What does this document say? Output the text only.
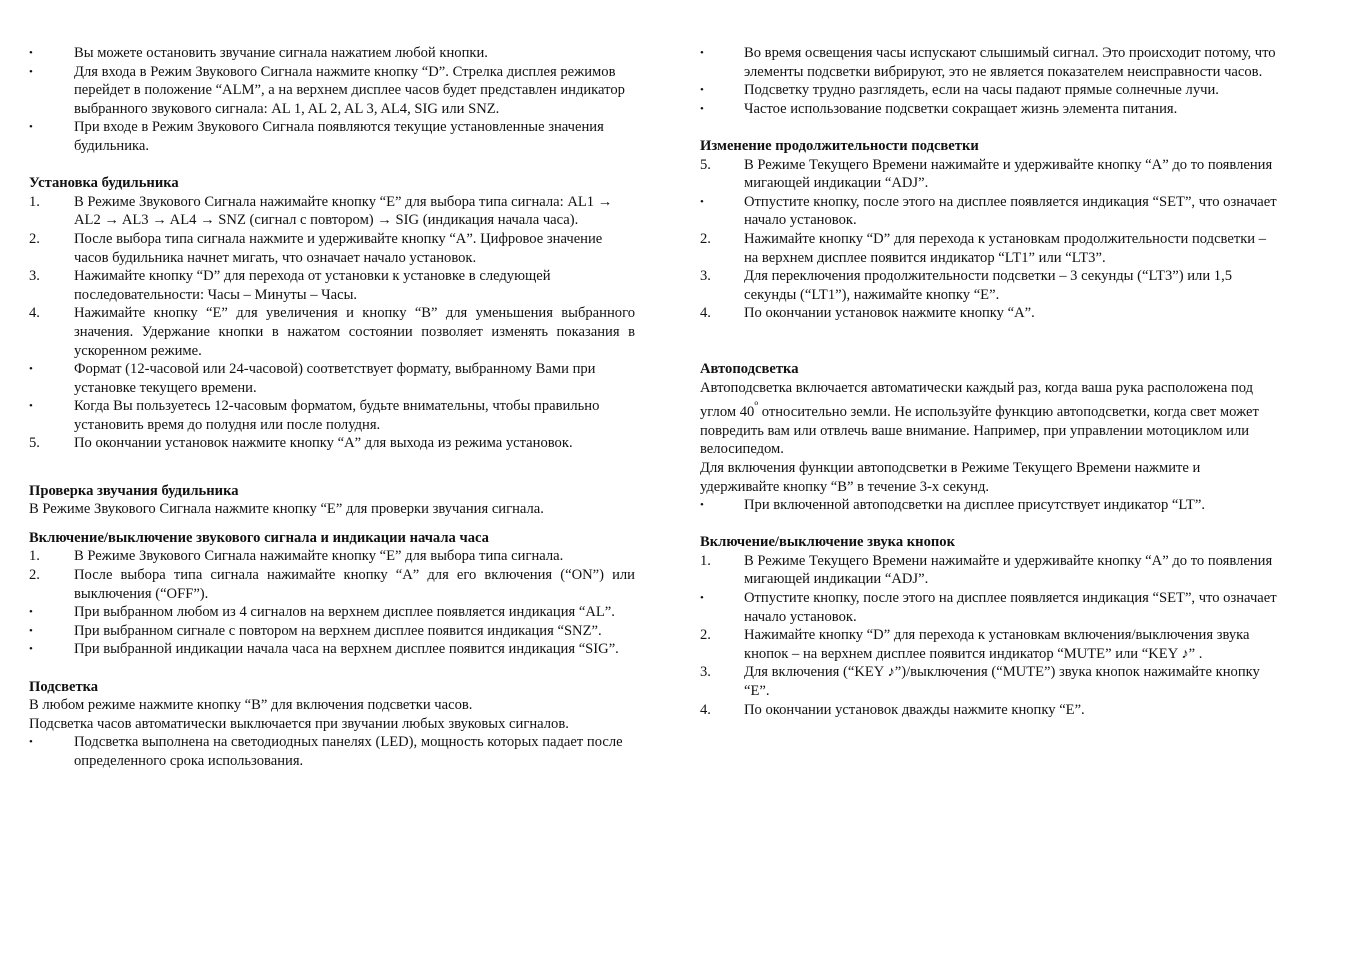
•	Вы можете остановить звучание сигнала нажатием любой кнопки.
•	Для входа в Режим Звукового Сигнала нажмите кнопку “D”. Стрелка дисплея режимов перейдет в положение “ALM”, а на верхнем дисплее часов будет представлен индикатор выбранного звукового сигнала: AL 1, AL 2, AL 3, AL4, SIG или SNZ.
•	При входе в Режим Звукового Сигнала появляются текущие установленные значения будильника.
Установка будильника
1.	В Режиме Звукового Сигнала нажимайте кнопку “E” для выбора типа сигнала: AL1 → AL2 → AL3 → AL4 → SNZ (сигнал с повтором) → SIG (индикация начала часа).
2.	После выбора типа сигнала нажмите и удерживайте кнопку “A”. Цифровое значение часов будильника начнет мигать, что означает начало установок.
3.	Нажимайте кнопку “D” для перехода от установки к установке в следующей последовательности: Часы – Минуты – Часы.
4.	Нажимайте кнопку “E” для увеличения и кнопку “B” для уменьшения выбранного значения. Удержание кнопки в нажатом состоянии позволяет изменять показания в ускоренном режиме.
•	Формат (12-часовой или 24-часовой) соответствует формату, выбранному Вами при установке текущего времени.
•	Когда Вы пользуетесь 12-часовым форматом, будьте внимательны, чтобы правильно установить время до полудня или после полудня.
5.	По окончании установок нажмите кнопку “A” для выхода из режима установок.
Проверка звучания будильника
В Режиме Звукового Сигнала нажмите кнопку “E” для проверки звучания сигнала.
Включение/выключение звукового сигнала и индикации начала часа
1.	В Режиме Звукового Сигнала нажимайте кнопку “E” для выбора типа сигнала.
2.	После выбора типа сигнала нажимайте кнопку “A” для его включения (“ON”) или выключения (“OFF”).
•	При выбранном любом из 4 сигналов на верхнем дисплее появляется индикация “AL”.
•	При выбранном сигнале с повтором на верхнем дисплее появится индикация “SNZ”.
•	При выбранной индикации начала часа на верхнем дисплее появится индикация “SIG”.
Подсветка
В любом режиме нажмите кнопку “B” для включения подсветки часов.
Подсветка часов автоматически выключается при звучании любых звуковых сигналов.
•	Подсветка выполнена на светодиодных панелях (LED), мощность которых падает после определенного срока использования.
•	Во время освещения часы испускают слышимый сигнал. Это происходит потому, что элементы подсветки вибрируют, это не является показателем неисправности часов.
•	Подсветку трудно разглядеть, если на часы падают прямые солнечные лучи.
•	Частое использование подсветки сокращает жизнь элемента питания.
Изменение продолжительности подсветки
5.	В Режиме Текущего Времени нажимайте и удерживайте кнопку “A” до то появления мигающей индикации “ADJ”.
•	Отпустите кнопку, после этого на дисплее появляется индикация “SET”, что означает начало установок.
2.	Нажимайте кнопку “D” для перехода к установкам продолжительности подсветки – на верхнем дисплее появится индикатор “LT1” или “LT3”.
3.	Для переключения продолжительности подсветки – 3 секунды (“LT3”) или 1,5 секунды (“LT1”), нажимайте кнопку “E”.
4.	По окончании установок нажмите кнопку “A”.
Автоподсветка
Автоподсветка включается автоматически каждый раз, когда ваша рука расположена под углом $40^º$ относительно земли. Не используйте функцию автоподсветки, когда свет может повредить вам или отвлечь ваше внимание. Например, при управлении мотоциклом или велосипедом.
Для включения функции автоподсветки в Режиме Текущего Времени нажмите и удерживайте кнопку “B” в течение 3-х секунд.
•	При включенной автоподсветки на дисплее присутствует индикатор “LT”.
Включение/выключение звука кнопок
1.	В Режиме Текущего Времени нажимайте и удерживайте кнопку “A” до то появления мигающей индикации “ADJ”.
•	Отпустите кнопку, после этого на дисплее появляется индикация “SET”, что означает начало установок.
2.	Нажимайте кнопку “D” для перехода к установкам включения/выключения звука кнопок – на верхнем дисплее появится индикатор “MUTE” или “KEY ♪” .
3.	Для включения (“KEY ♪”)/выключения (“MUTE”) звука кнопок нажимайте кнопку “E”.
4.	По окончании установок дважды нажмите кнопку “E”.
